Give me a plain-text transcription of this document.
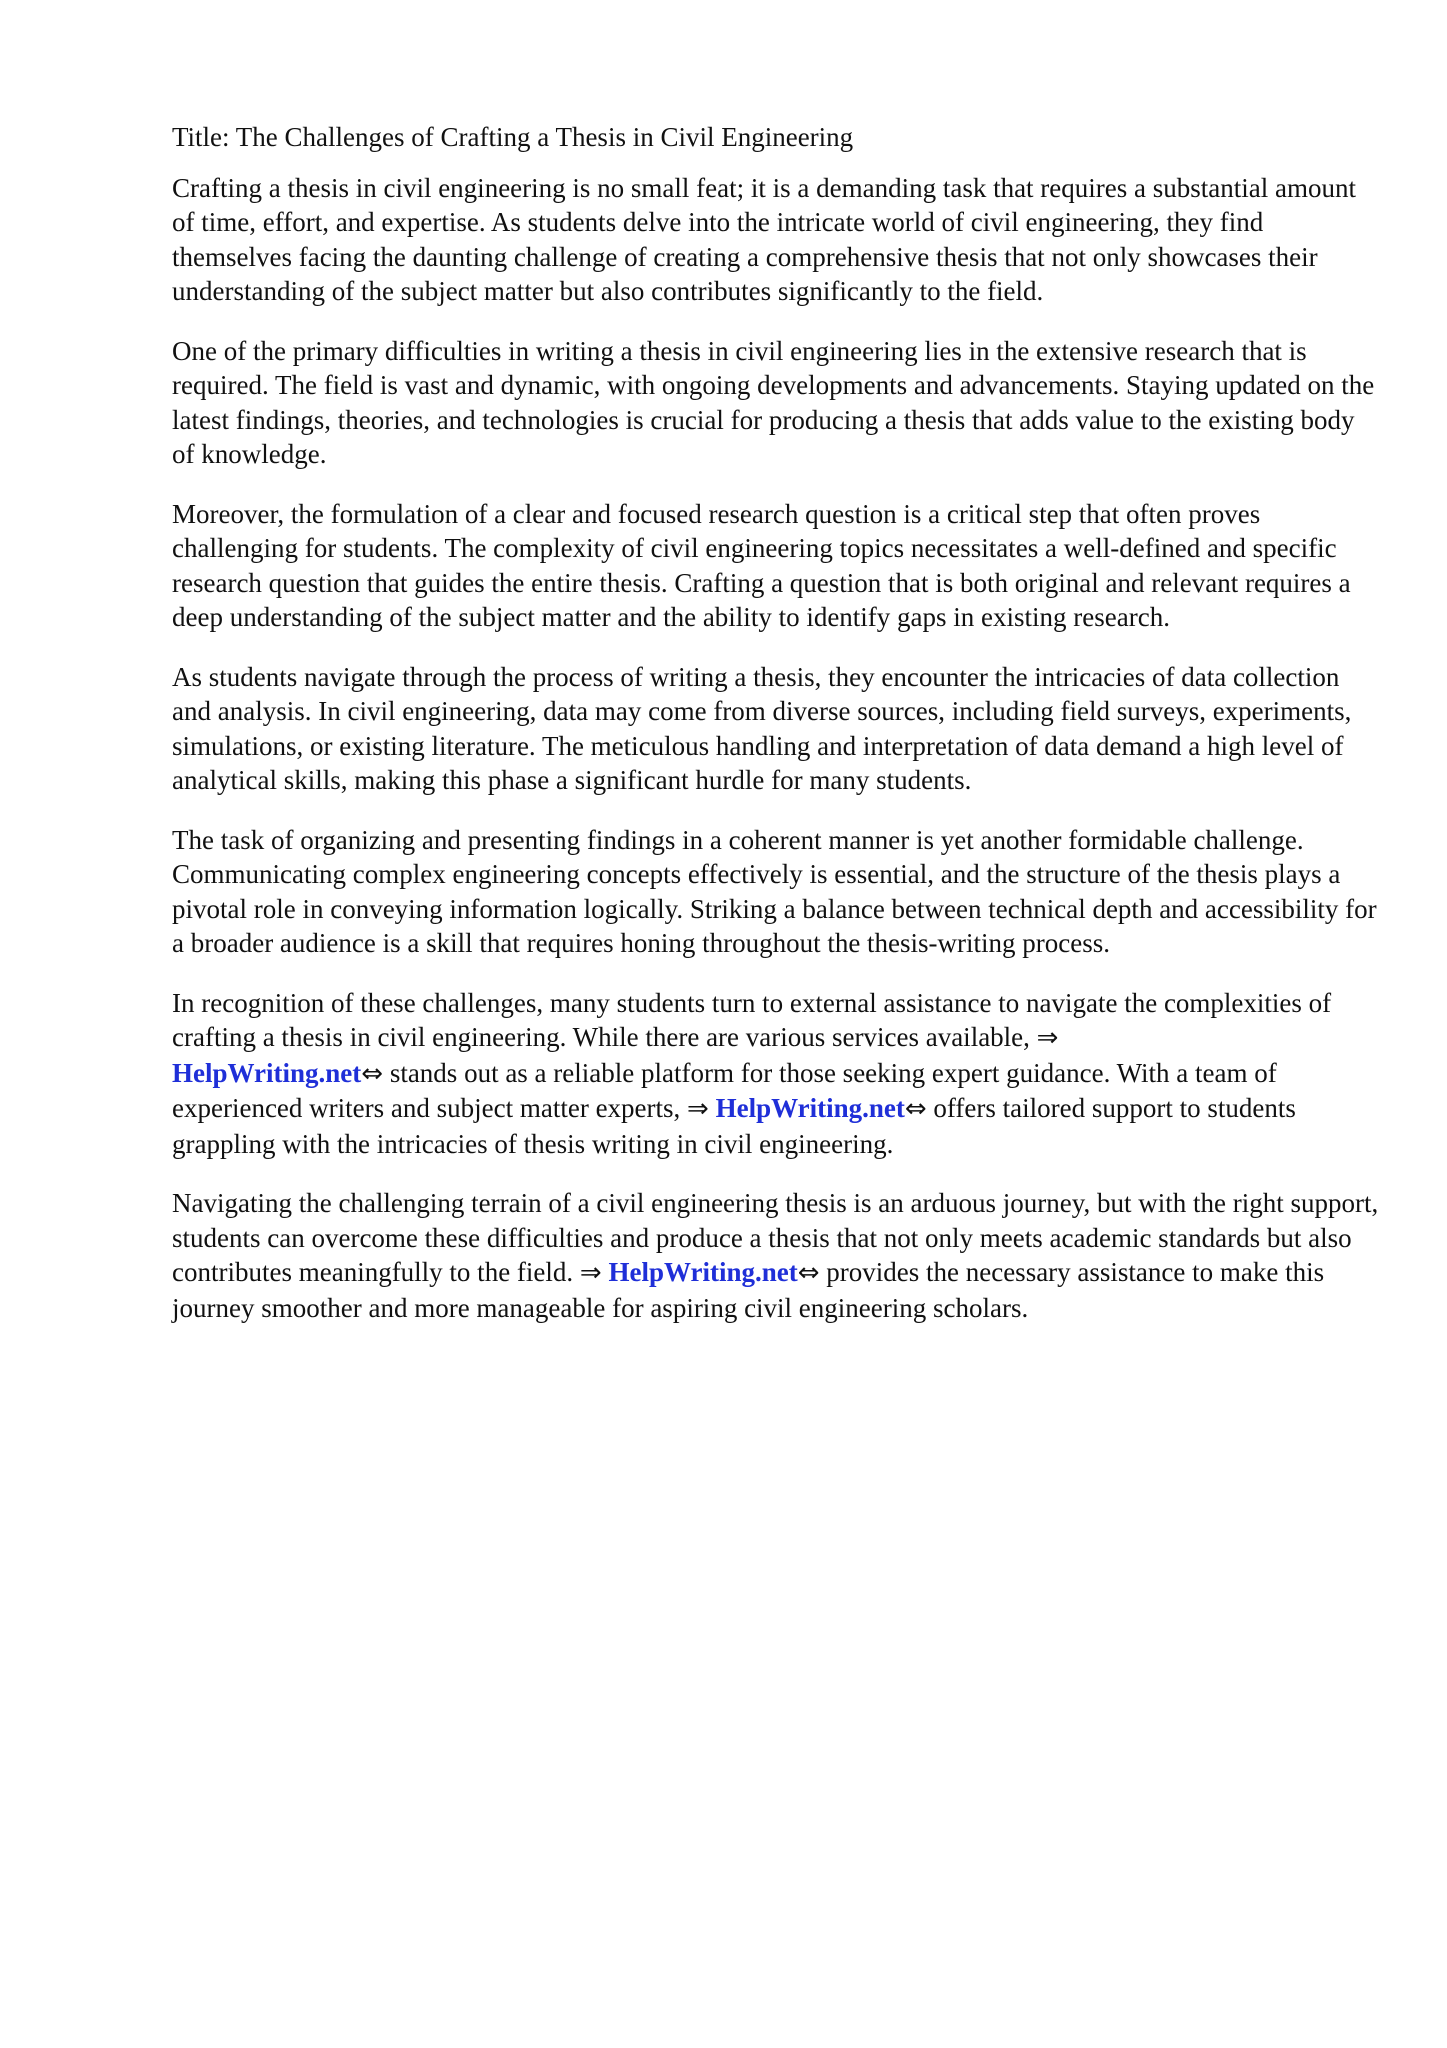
Title: The Challenges of Crafting a Thesis in Civil Engineering

Crafting a thesis in civil engineering is no small feat; it is a demanding task that requires a substantial amount of time, effort, and expertise. As students delve into the intricate world of civil engineering, they find themselves facing the daunting challenge of creating a comprehensive thesis that not only showcases their understanding of the subject matter but also contributes significantly to the field.

One of the primary difficulties in writing a thesis in civil engineering lies in the extensive research that is required. The field is vast and dynamic, with ongoing developments and advancements. Staying updated on the latest findings, theories, and technologies is crucial for producing a thesis that adds value to the existing body of knowledge.

Moreover, the formulation of a clear and focused research question is a critical step that often proves challenging for students. The complexity of civil engineering topics necessitates a well-defined and specific research question that guides the entire thesis. Crafting a question that is both original and relevant requires a deep understanding of the subject matter and the ability to identify gaps in existing research.

As students navigate through the process of writing a thesis, they encounter the intricacies of data collection and analysis. In civil engineering, data may come from diverse sources, including field surveys, experiments, simulations, or existing literature. The meticulous handling and interpretation of data demand a high level of analytical skills, making this phase a significant hurdle for many students.

The task of organizing and presenting findings in a coherent manner is yet another formidable challenge. Communicating complex engineering concepts effectively is essential, and the structure of the thesis plays a pivotal role in conveying information logically. Striking a balance between technical depth and accessibility for a broader audience is a skill that requires honing throughout the thesis-writing process.

In recognition of these challenges, many students turn to external assistance to navigate the complexities of crafting a thesis in civil engineering. While there are various services available, ⇒
HelpWriting.net⇔ stands out as a reliable platform for those seeking expert guidance. With a team of experienced writers and subject matter experts, ⇒ HelpWriting.net⇔ offers tailored support to students grappling with the intricacies of thesis writing in civil engineering.

Navigating the challenging terrain of a civil engineering thesis is an arduous journey, but with the right support, students can overcome these difficulties and produce a thesis that not only meets academic standards but also contributes meaningfully to the field. ⇒ HelpWriting.net⇔ provides the necessary assistance to make this journey smoother and more manageable for aspiring civil engineering scholars.
